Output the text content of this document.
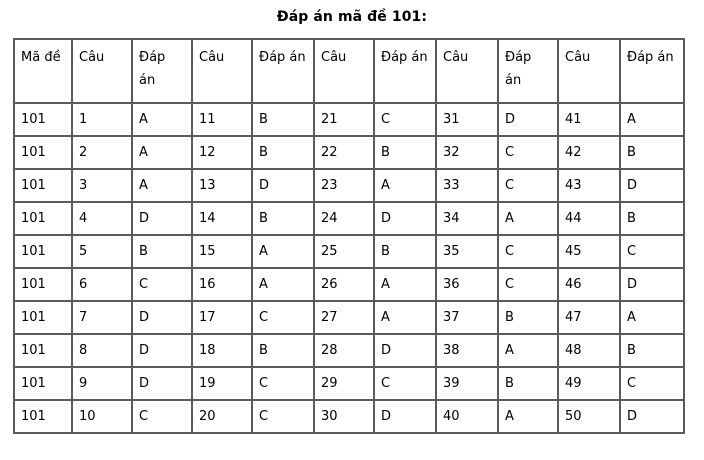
Đáp án mã đề 101:
Mã đề	Câu	Đáp án	Câu	Đáp án	Câu	Đáp án	Câu	Đáp án	Câu	Đáp án
101	1	A	11	B	21	C	31	D	41	A
101	2	A	12	B	22	B	32	C	42	B
101	3	A	13	D	23	A	33	C	43	D
101	4	D	14	B	24	D	34	A	44	B
101	5	B	15	A	25	B	35	C	45	C
101	6	C	16	A	26	A	36	C	46	D
101	7	D	17	C	27	A	37	B	47	A
101	8	D	18	B	28	D	38	A	48	B
101	9	D	19	C	29	C	39	B	49	C
101	10	C	20	C	30	D	40	A	50	D
